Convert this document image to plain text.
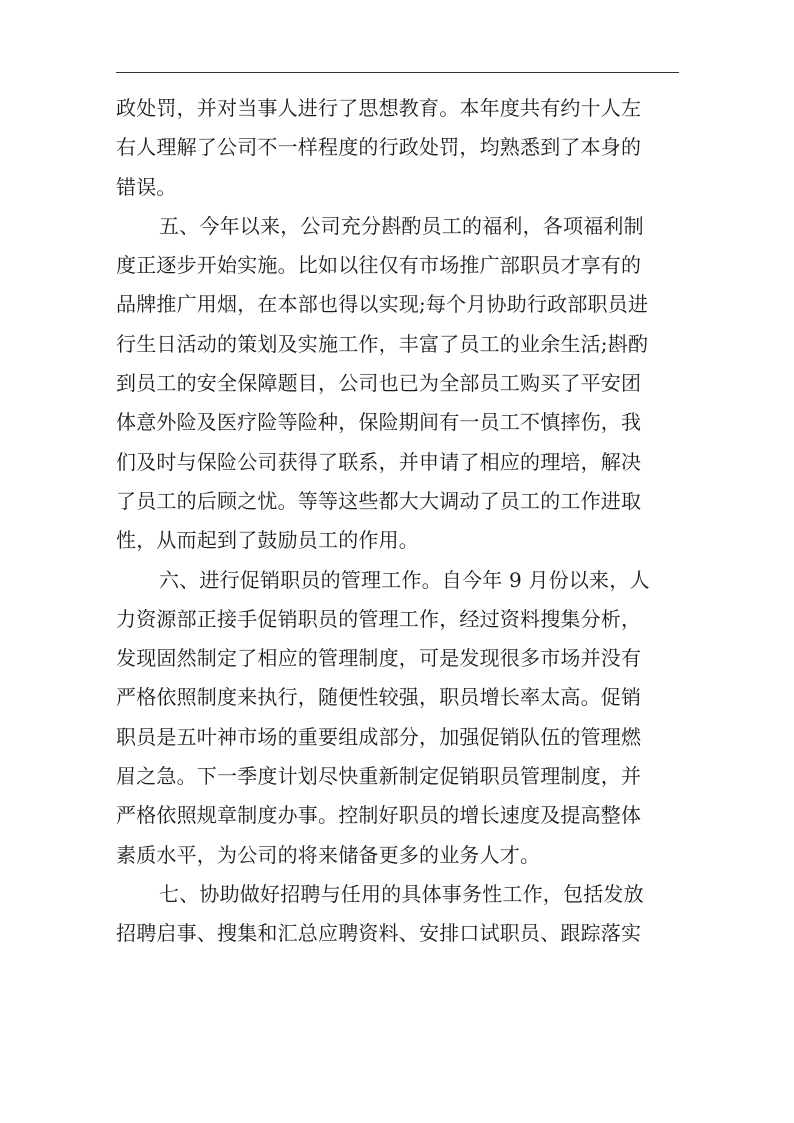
政处罚，并对当事人进行了思想教育。本年度共有约十人左
右人理解了公司不一样程度的行政处罚，均熟悉到了本身的
错误。
五、今年以来，公司充分斟酌员工的福利，各项福利制
度正逐步开始实施。比如以往仅有市场推广部职员才享有的
品牌推广用烟，在本部也得以实现;每个月协助行政部职员进
行生日活动的策划及实施工作，丰富了员工的业余生活;斟酌
到员工的安全保障题目，公司也已为全部员工购买了平安团
体意外险及医疗险等险种，保险期间有一员工不慎摔伤，我
们及时与保险公司获得了联系，并申请了相应的理培，解决
了员工的后顾之忧。等等这些都大大调动了员工的工作进取
性，从而起到了鼓励员工的作用。
六、进行促销职员的管理工作。自今年 9 月份以来，人
力资源部正接手促销职员的管理工作，经过资料搜集分析，
发现固然制定了相应的管理制度，可是发现很多市场并没有
严格依照制度来执行，随便性较强，职员增长率太高。促销
职员是五叶神市场的重要组成部分，加强促销队伍的管理燃
眉之急。下一季度计划尽快重新制定促销职员管理制度，并
严格依照规章制度办事。控制好职员的增长速度及提高整体
素质水平，为公司的将来储备更多的业务人才。
七、协助做好招聘与任用的具体事务性工作，包括发放
招聘启事、搜集和汇总应聘资料、安排口试职员、跟踪落实
